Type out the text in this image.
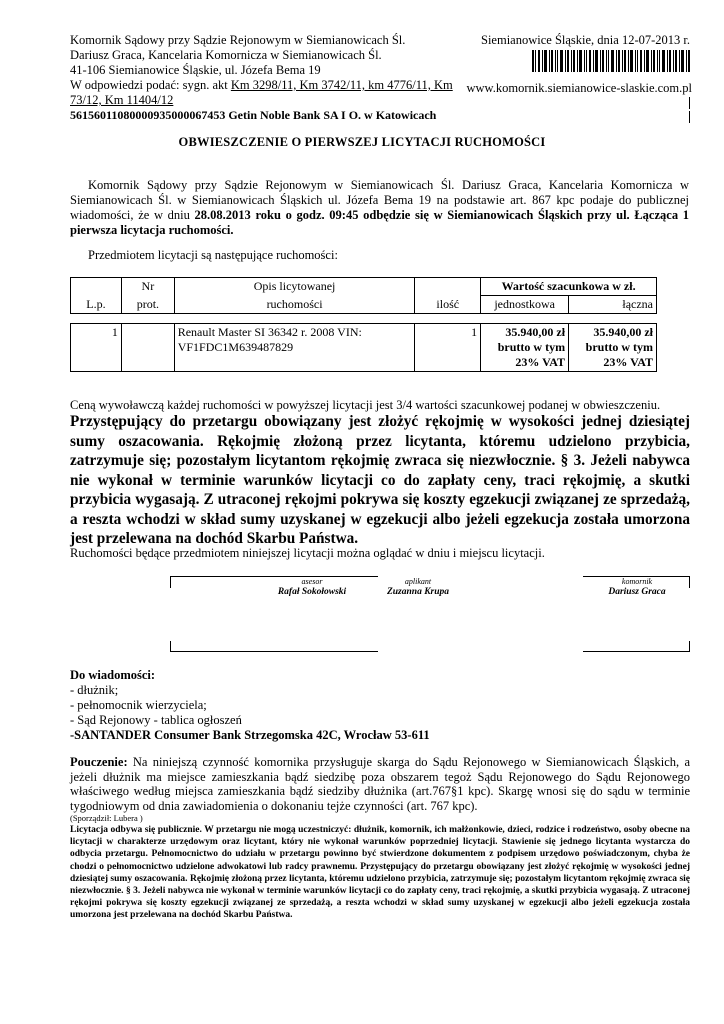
Komornik Sądowy przy Sądzie Rejonowym w Siemianowicach Śl.
Dariusz Graca, Kancelaria Komornicza w Siemianowicach Śl.
41-106 Siemianowice Śląskie, ul. Józefa Bema 19
W odpowiedzi podać: sygn. akt Km 3298/11, Km 3742/11, km 4776/11, Km 73/12, Km 11404/12
56156011080000935000067453 Getin Noble Bank SA I O. w Katowicach
Siemianowice Śląskie, dnia 12-07-2013 r.
www.komornik.siemianowice-slaskie.com.pl
OBWIESZCZENIE O PIERWSZEJ LICYTACJI RUCHOMOŚCI
Komornik Sądowy przy Sądzie Rejonowym w Siemianowicach Śl. Dariusz Graca, Kancelaria Komornicza w Siemianowicach Śl. w Siemianowicach Śląskich ul. Józefa Bema 19 na podstawie art. 867 kpc podaje do publicznej wiadomości, że w dniu 28.08.2013 roku o godz. 09:45 odbędzie się w Siemianowicach Śląskich przy ul. Łącząca 1 pierwsza licytacja ruchomości.
Przedmiotem licytacji są następujące ruchomości:
L.p.	Nr	Opis licytowanej	ilość	Wartość szacunkowa w zł.	
	prot.	ruchomości		jednostkowa	łączna
1		Renault Master SI 36342 r. 2008 VIN: VF1FDC1M639487829	1	35.940,00 zł brutto w tym 23% VAT	35.940,00 zł brutto w tym 23% VAT
Ceną wywoławczą każdej ruchomości w powyższej licytacji jest 3/4 wartości szacunkowej podanej w obwieszczeniu.
Przystępujący do przetargu obowiązany jest złożyć rękojmię w wysokości jednej dziesiątej sumy oszacowania. Rękojmię złożoną przez licytanta, któremu udzielono przybicia, zatrzymuje się; pozostałym licytantom rękojmię zwraca się niezwłocznie. § 3. Jeżeli nabywca nie wykonał w terminie warunków licytacji co do zapłaty ceny, traci rękojmię, a skutki przybicia wygasają. Z utraconej rękojmi pokrywa się koszty egzekucji związanej ze sprzedażą, a reszta wchodzi w skład sumy uzyskanej w egzekucji albo jeżeli egzekucja została umorzona jest przelewana na dochód Skarbu Państwa.
Ruchomości będące przedmiotem niniejszej licytacji można oglądać w dniu i miejscu licytacji.
asesor
Rafał Sokołowski
aplikant
Zuzanna Krupa
komornik
Dariusz Graca
Do wiadomości:
- dłużnik;
- pełnomocnik wierzyciela;
- Sąd Rejonowy - tablica ogłoszeń
-SANTANDER Consumer Bank Strzegomska 42C, Wrocław 53-611
Pouczenie: Na niniejszą czynność komornika przysługuje skarga do Sądu Rejonowego w Siemianowicach Śląskich, a jeżeli dłużnik ma miejsce zamieszkania bądź siedzibę poza obszarem tegoż Sądu Rejonowego do Sądu Rejonowego właściwego według miejsca zamieszkania bądź siedziby dłużnika (art.767§1 kpc). Skargę wnosi się do sądu w terminie tygodniowym od dnia zawiadomienia o dokonaniu tejże czynności (art. 767 kpc).
(Sporządził: Lubera )
Licytacja odbywa się publicznie. W przetargu nie mogą uczestniczyć: dłużnik, komornik, ich małżonkowie, dzieci, rodzice i rodzeństwo, osoby obecne na licytacji w charakterze urzędowym oraz licytant, który nie wykonał warunków poprzedniej licytacji. Stawienie się jednego licytanta wystarcza do odbycia przetargu. Pełnomocnictwo do udziału w przetargu powinno być stwierdzone dokumentem z podpisem urzędowo poświadczonym, chyba że chodzi o pełnomocnictwo udzielone adwokatowi lub radcy prawnemu. Przystępujący do przetargu obowiązany jest złożyć rękojmię w wysokości jednej dziesiątej sumy oszacowania. Rękojmię złożoną przez licytanta, któremu udzielono przybicia, zatrzymuje się; pozostałym licytantom rękojmię zwraca się niezwłocznie. § 3. Jeżeli nabywca nie wykonał w terminie warunków licytacji co do zapłaty ceny, traci rękojmię, a skutki przybicia wygasają. Z utraconej rękojmi pokrywa się koszty egzekucji związanej ze sprzedażą, a reszta wchodzi w skład sumy uzyskanej w egzekucji albo jeżeli egzekucja została umorzona jest przelewana na dochód Skarbu Państwa.
